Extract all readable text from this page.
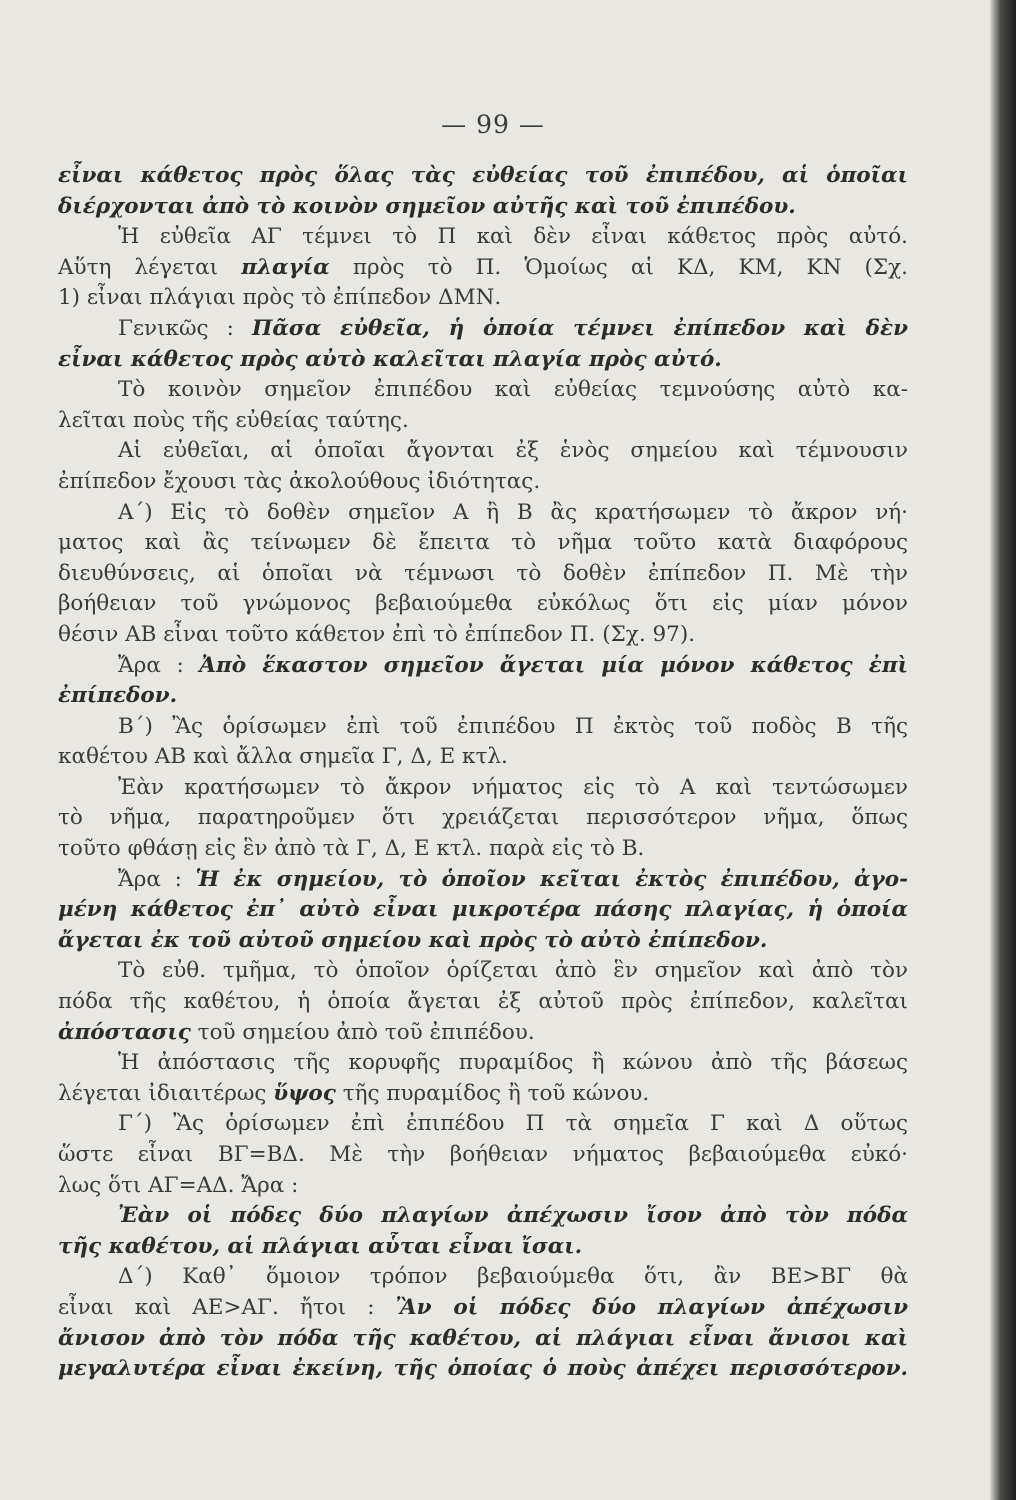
— 99 —
εἶναι κάθετος πρὸς ὅλας τὰς εὐθείας τοῦ ἐπιπέδου, αἱ ὁποῖαι
διέρχονται ἀπὸ τὸ κοινὸν σημεῖον αὐτῆς καὶ τοῦ ἐπιπέδου.
Ἡ εὐθεῖα ΑΓ τέμνει τὸ Π καὶ δὲν εἶναι κάθετος πρὸς αὐτό.
Αὕτη λέγεται πλαγία πρὸς τὸ Π. Ὁμοίως αἱ ΚΔ, ΚΜ, ΚΝ (Σχ.
1) εἶναι πλάγιαι πρὸς τὸ ἐπίπεδον ΔΜΝ.
Γενικῶς : Πᾶσα εὐθεῖα, ἡ ὁποία τέμνει ἐπίπεδον καὶ δὲν
εἶναι κάθετος πρὸς αὐτὸ καλεῖται πλαγία πρὸς αὐτό.
Τὸ κοινὸν σημεῖον ἐπιπέδου καὶ εὐθείας τεμνούσης αὐτὸ κα-
λεῖται ποὺς τῆς εὐθείας ταύτης.
Αἱ εὐθεῖαι, αἱ ὁποῖαι ἄγονται ἐξ ἑνὸς σημείου καὶ τέμνουσιν
ἐπίπεδον ἔχουσι τὰς ἀκολούθους ἰδιότητας.
Α΄) Εἰς τὸ δοθὲν σημεῖον Α ἢ Β ἂς κρατήσωμεν τὸ ἄκρον νή·
ματος καὶ ἂς τείνωμεν δὲ ἔπειτα τὸ νῆμα τοῦτο κατὰ διαφόρους
διευθύνσεις, αἱ ὁποῖαι νὰ τέμνωσι τὸ δοθὲν ἐπίπεδον Π. Μὲ τὴν
βοήθειαν τοῦ γνώμονος βεβαιούμεθα εὐκόλως ὅτι εἰς μίαν μόνον
θέσιν ΑΒ εἶναι τοῦτο κάθετον ἐπὶ τὸ ἐπίπεδον Π. (Σχ. 97).
Ἄρα : Ἀπὸ ἕκαστον σημεῖον ἄγεται μία μόνον κάθετος ἐπὶ
ἐπίπεδον.
Β΄) Ἂς ὁρίσωμεν ἐπὶ τοῦ ἐπιπέδου Π ἐκτὸς τοῦ ποδὸς Β τῆς
καθέτου ΑΒ καὶ ἄλλα σημεῖα Γ, Δ, Ε κτλ.
Ἐὰν κρατήσωμεν τὸ ἄκρον νήματος εἰς τὸ Α καὶ τεντώσωμεν
τὸ νῆμα, παρατηροῦμεν ὅτι χρειάζεται περισσότερον νῆμα, ὅπως
τοῦτο φθάσῃ εἰς ἓν ἀπὸ τὰ Γ, Δ, Ε κτλ. παρὰ εἰς τὸ Β.
Ἄρα : Ἡ ἐκ σημείου, τὸ ὁποῖον κεῖται ἐκτὸς ἐπιπέδου, ἀγο-
μένη κάθετος ἐπ᾽ αὐτὸ εἶναι μικροτέρα πάσης πλαγίας, ἡ ὁποία
ἄγεται ἐκ τοῦ αὐτοῦ σημείου καὶ πρὸς τὸ αὐτὸ ἐπίπεδον.
Τὸ εὐθ. τμῆμα, τὸ ὁποῖον ὁρίζεται ἀπὸ ἓν σημεῖον καὶ ἀπὸ τὸν
πόδα τῆς καθέτου, ἡ ὁποία ἄγεται ἐξ αὐτοῦ πρὸς ἐπίπεδον, καλεῖται
ἀπόστασις τοῦ σημείου ἀπὸ τοῦ ἐπιπέδου.
Ἡ ἀπόστασις τῆς κορυφῆς πυραμίδος ἢ κώνου ἀπὸ τῆς βάσεως
λέγεται ἰδιαιτέρως ὕψος τῆς πυραμίδος ἢ τοῦ κώνου.
Γ΄) Ἂς ὁρίσωμεν ἐπὶ ἐπιπέδου Π τὰ σημεῖα Γ καὶ Δ οὕτως
ὥστε εἶναι ΒΓ=ΒΔ. Μὲ τὴν βοήθειαν νήματος βεβαιούμεθα εὐκό·
λως ὅτι ΑΓ=ΑΔ. Ἄρα :
Ἐὰν οἱ πόδες δύο πλαγίων ἀπέχωσιν ἴσον ἀπὸ τὸν πόδα
τῆς καθέτου, αἱ πλάγιαι αὗται εἶναι ἴσαι.
Δ΄) Καθ᾽ ὅμοιον τρόπον βεβαιούμεθα ὅτι, ἂν ΒΕ>ΒΓ θὰ
εἶναι καὶ ΑΕ>ΑΓ. ἤτοι : Ἂν οἱ πόδες δύο πλαγίων ἀπέχωσιν
ἄνισον ἀπὸ τὸν πόδα τῆς καθέτου, αἱ πλάγιαι εἶναι ἄνισοι καὶ
μεγαλυτέρα εἶναι ἐκείνη, τῆς ὁποίας ὁ ποὺς ἀπέχει περισσότερον.
